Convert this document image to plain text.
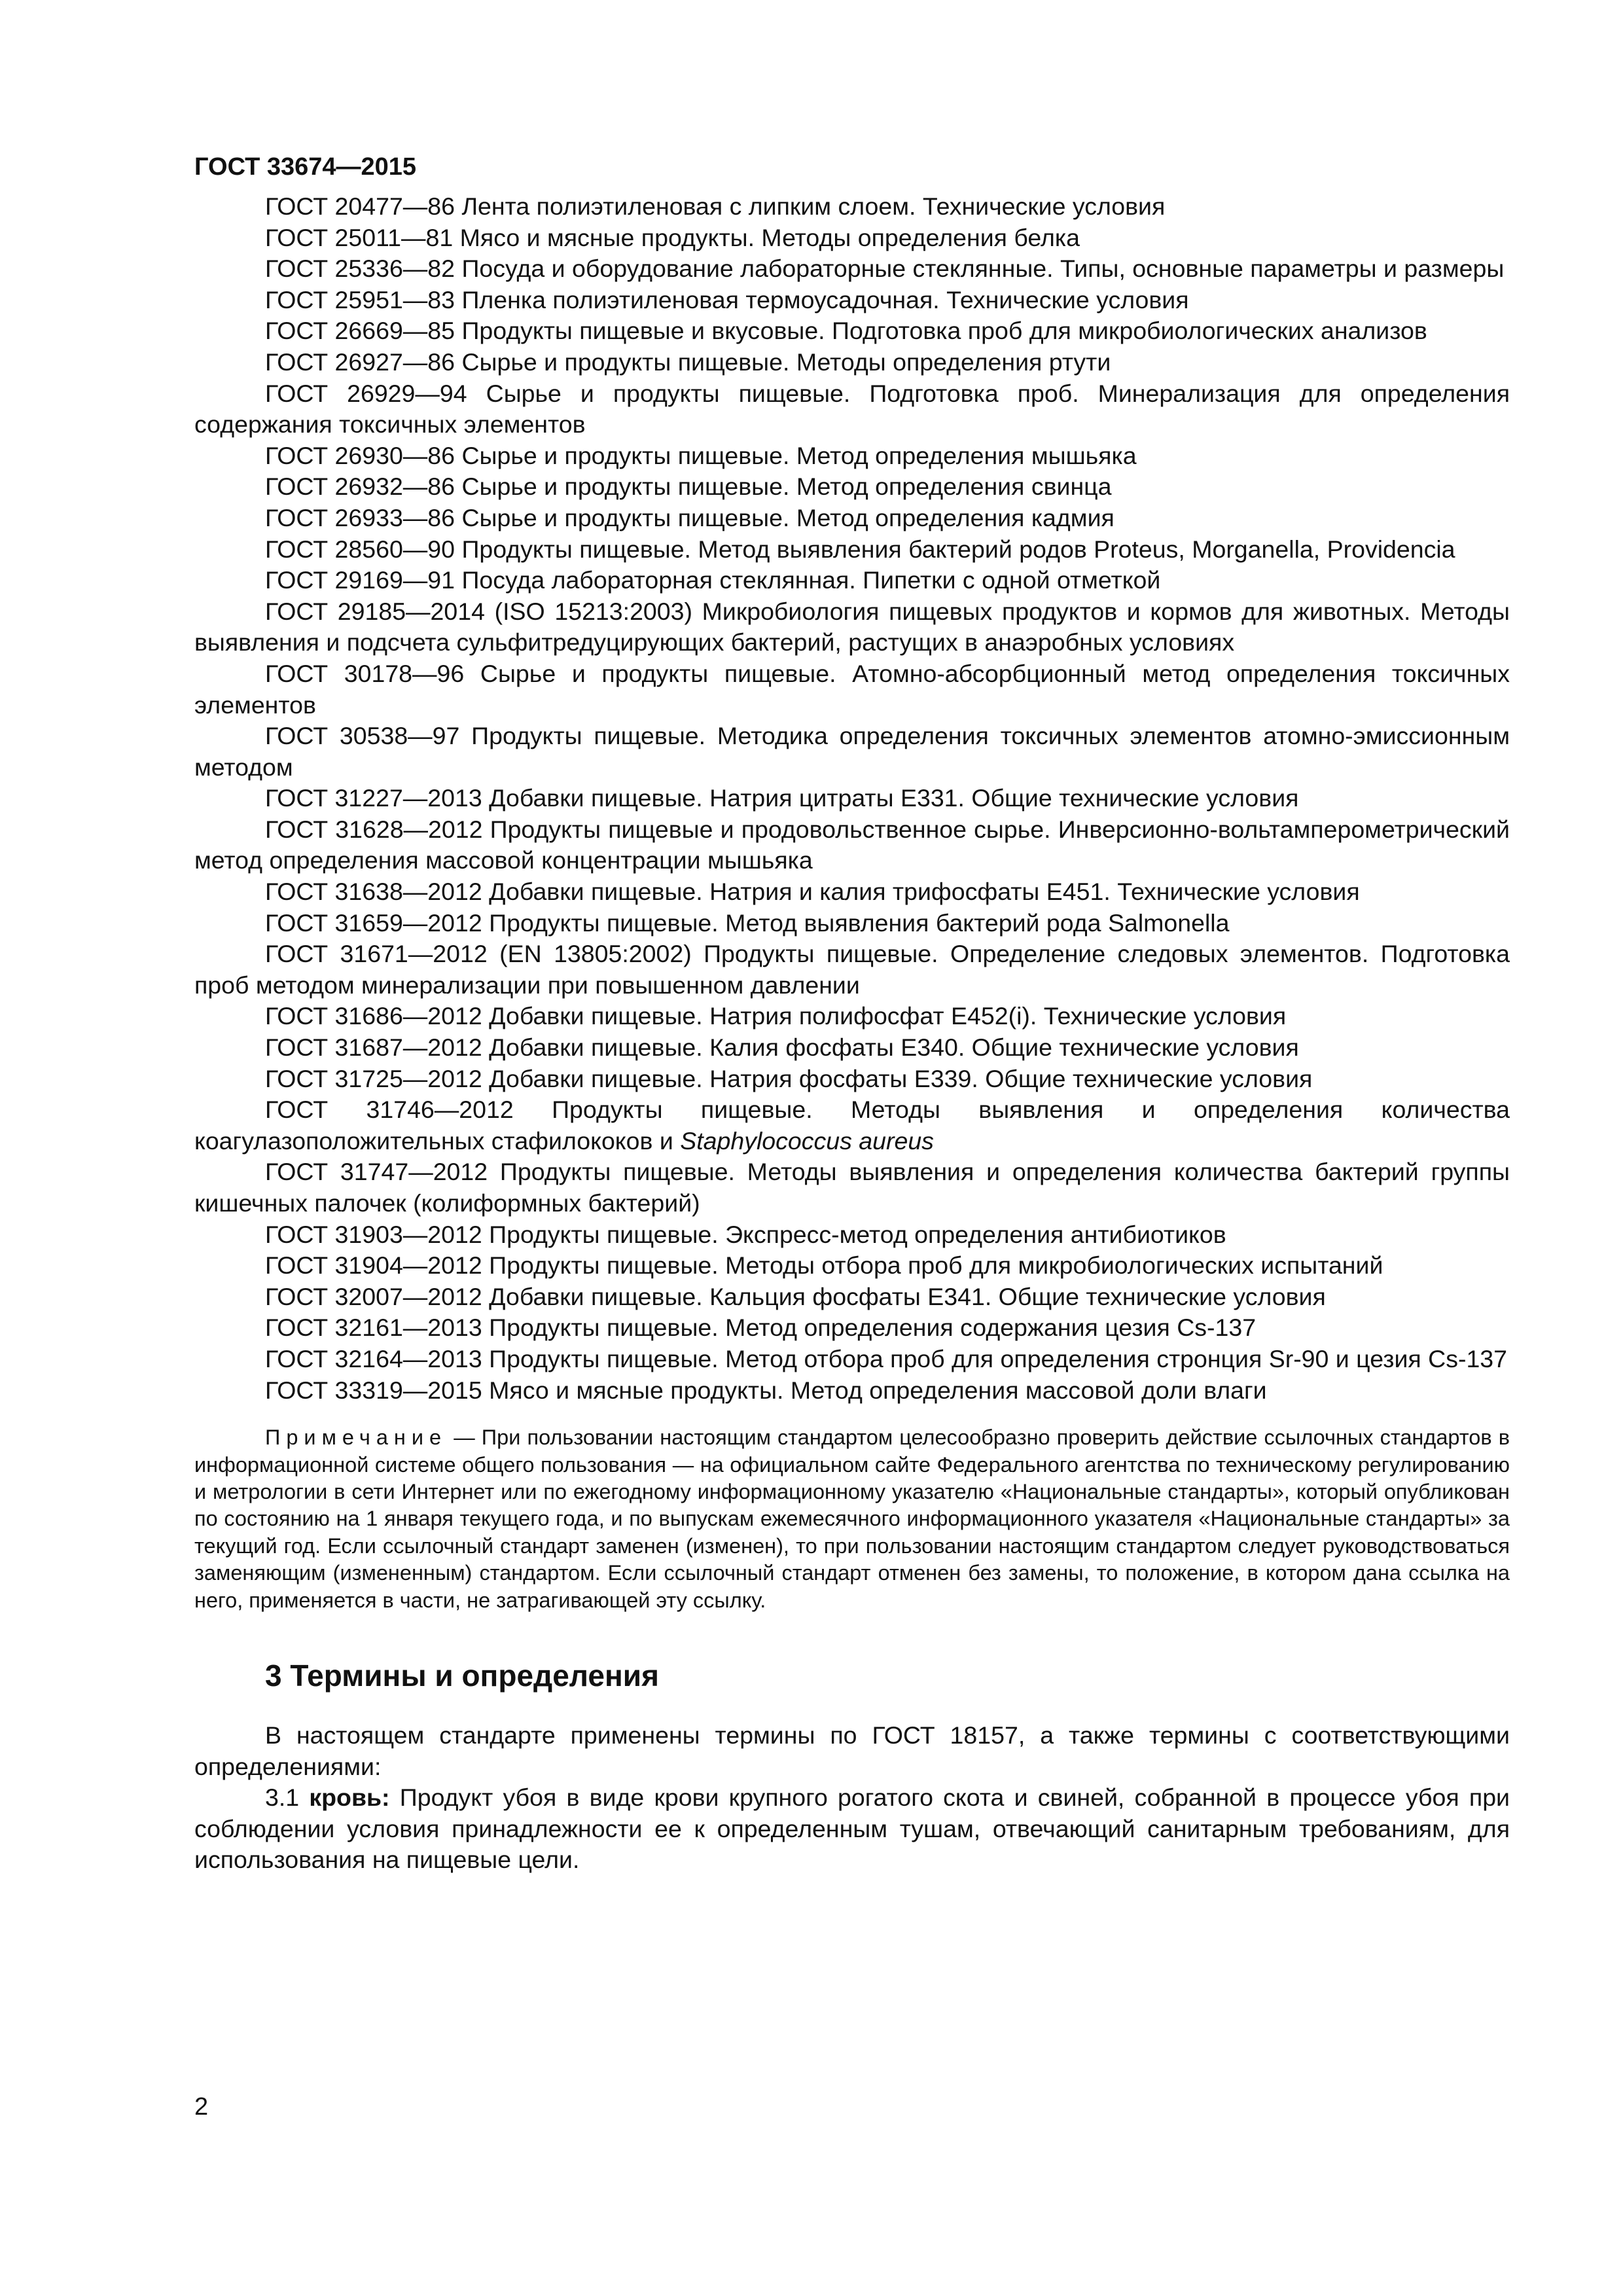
ГОСТ 33674—2015

ГОСТ 20477—86 Лента полиэтиленовая с липким слоем. Технические условия

ГОСТ 25011—81 Мясо и мясные продукты. Методы определения белка

ГОСТ 25336—82 Посуда и оборудование лабораторные стеклянные. Типы, основные параметры и размеры

ГОСТ 25951—83 Пленка полиэтиленовая термоусадочная. Технические условия

ГОСТ 26669—85 Продукты пищевые и вкусовые. Подготовка проб для микробиологических анализов

ГОСТ 26927—86 Сырье и продукты пищевые. Методы определения ртути

ГОСТ 26929—94 Сырье и продукты пищевые. Подготовка проб. Минерализация для определения содержания токсичных элементов

ГОСТ 26930—86 Сырье и продукты пищевые. Метод определения мышьяка

ГОСТ 26932—86 Сырье и продукты пищевые. Метод определения свинца

ГОСТ 26933—86 Сырье и продукты пищевые. Метод определения кадмия

ГОСТ 28560—90 Продукты пищевые. Метод выявления бактерий родов Proteus, Morganella, Providencia

ГОСТ 29169—91 Посуда лабораторная стеклянная. Пипетки с одной отметкой

ГОСТ 29185—2014 (ISO 15213:2003) Микробиология пищевых продуктов и кормов для животных. Методы выявления и подсчета сульфитредуцирующих бактерий, растущих в анаэробных условиях

ГОСТ 30178—96 Сырье и продукты пищевые. Атомно-абсорбционный метод определения токсичных элементов

ГОСТ 30538—97 Продукты пищевые. Методика определения токсичных элементов атомно-эмиссионным методом

ГОСТ 31227—2013 Добавки пищевые. Натрия цитраты E331. Общие технические условия

ГОСТ 31628—2012 Продукты пищевые и продовольственное сырье. Инверсионно-вольтамперометрический метод определения массовой концентрации мышьяка

ГОСТ 31638—2012 Добавки пищевые. Натрия и калия трифосфаты E451. Технические условия

ГОСТ 31659—2012 Продукты пищевые. Метод выявления бактерий рода Salmonella

ГОСТ 31671—2012 (EN 13805:2002) Продукты пищевые. Определение следовых элементов. Подготовка проб методом минерализации при повышенном давлении

ГОСТ 31686—2012 Добавки пищевые. Натрия полифосфат E452(i). Технические условия

ГОСТ 31687—2012 Добавки пищевые. Калия фосфаты E340. Общие технические условия

ГОСТ 31725—2012 Добавки пищевые. Натрия фосфаты E339. Общие технические условия

ГОСТ 31746—2012 Продукты пищевые. Методы выявления и определения количества коагулазоположительных стафилококов и Staphylococcus aureus

ГОСТ 31747—2012 Продукты пищевые. Методы выявления и определения количества бактерий группы кишечных палочек (колиформных бактерий)

ГОСТ 31903—2012 Продукты пищевые. Экспресс-метод определения антибиотиков

ГОСТ 31904—2012 Продукты пищевые. Методы отбора проб для микробиологических испытаний

ГОСТ 32007—2012 Добавки пищевые. Кальция фосфаты E341. Общие технические условия

ГОСТ 32161—2013 Продукты пищевые. Метод определения содержания цезия Cs-137

ГОСТ 32164—2013 Продукты пищевые. Метод отбора проб для определения стронция Sr-90 и цезия Cs-137

ГОСТ 33319—2015 Мясо и мясные продукты. Метод определения массовой доли влаги

Примечание — При пользовании настоящим стандартом целесообразно проверить действие ссылочных стандартов в информационной системе общего пользования — на официальном сайте Федерального агентства по техническому регулированию и метрологии в сети Интернет или по ежегодному информационному указателю «Национальные стандарты», который опубликован по состоянию на 1 января текущего года, и по выпускам ежемесячного информационного указателя «Национальные стандарты» за текущий год. Если ссылочный стандарт заменен (изменен), то при пользовании настоящим стандартом следует руководствоваться заменяющим (измененным) стандартом. Если ссылочный стандарт отменен без замены, то положение, в котором дана ссылка на него, применяется в части, не затрагивающей эту ссылку.
3 Термины и определения

В настоящем стандарте применены термины по ГОСТ 18157, а также термины с соответствующими определениями:

3.1 кровь: Продукт убоя в виде крови крупного рогатого скота и свиней, собранной в процессе убоя при соблюдении условия принадлежности ее к определенным тушам, отвечающий санитарным требованиям, для использования на пищевые цели.

2
